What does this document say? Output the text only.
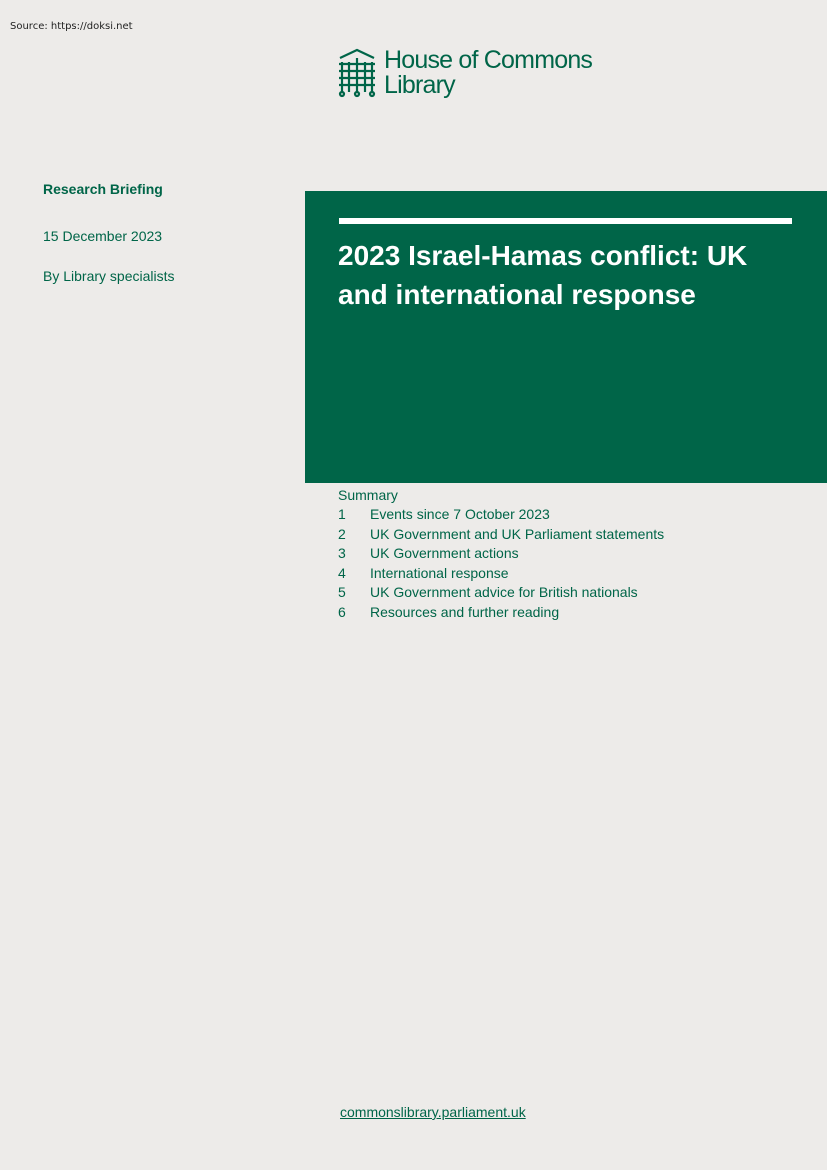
Source: https://doksi.net
House of Commons
Library
Research Briefing
15 December 2023
By Library specialists
2023 Israel-Hamas conflict: UK and international response
Summary
1	Events since 7 October 2023
2	UK Government and UK Parliament statements
3	UK Government actions
4	International response
5	UK Government advice for British nationals
6	Resources and further reading
commonslibrary.parliament.uk
